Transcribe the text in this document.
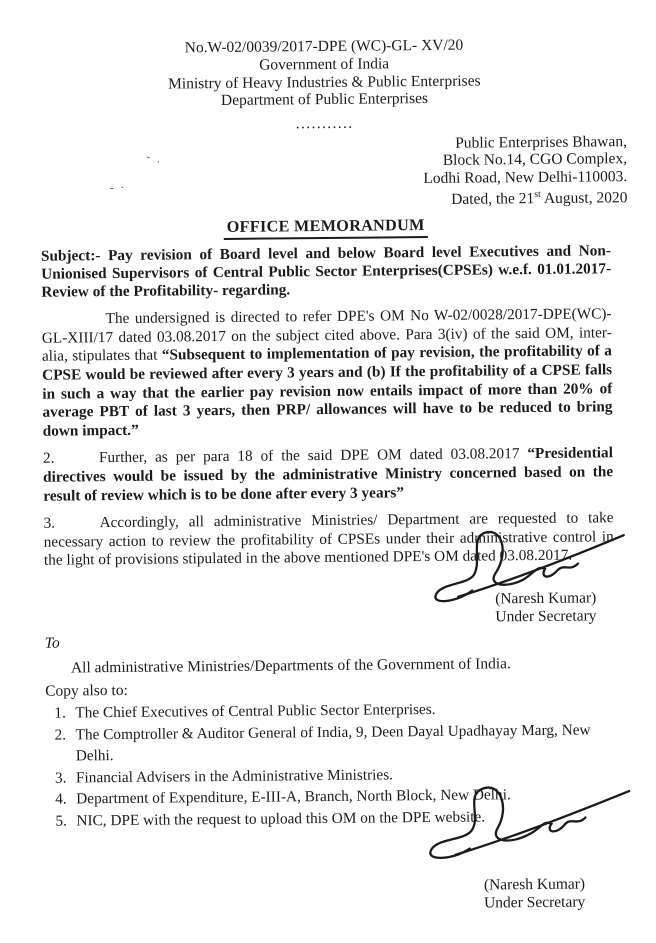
No.W-02/0039/2017-DPE (WC)-GL- XV/20
Government of India
Ministry of Heavy Industries & Public Enterprises
Department of Public Enterprises
...........
Public Enterprises Bhawan,
Block No.14, CGO Complex,
Lodhi Road, New Delhi-110003.
Dated, the 21st August, 2020
OFFICE MEMORANDUM
Subject:- Pay revision of Board level and below Board level Executives and Non-Unionised Supervisors of Central Public Sector Enterprises(CPSEs) w.e.f. 01.01.2017- Review of the Profitability- regarding.
The undersigned is directed to refer DPE's OM No W-02/0028/2017-DPE(WC)- GL-XIII/17 dated 03.08.2017 on the subject cited above. Para 3(iv) of the said OM, inter-alia, stipulates that “Subsequent to implementation of pay revision, the profitability of a CPSE would be reviewed after every 3 years and (b) If the profitability of a CPSE falls in such a way that the earlier pay revision now entails impact of more than 20% of average PBT of last 3 years, then PRP/ allowances will have to be reduced to bring down impact.”
2.	Further, as per para 18 of the said DPE OM dated 03.08.2017 “Presidential directives would be issued by the administrative Ministry concerned based on the result of review which is to be done after every 3 years”
3.	Accordingly, all administrative Ministries/ Department are requested to take necessary action to review the profitability of CPSEs under their administrative control in the light of provisions stipulated in the above mentioned DPE's OM dated 03.08.2017.
(Naresh Kumar)
Under Secretary
To
All administrative Ministries/Departments of the Government of India.
Copy also to:
1. The Chief Executives of Central Public Sector Enterprises.
2. The Comptroller & Auditor General of India, 9, Deen Dayal Upadhayay Marg, New Delhi.
3. Financial Advisers in the Administrative Ministries.
4. Department of Expenditure, E-III-A, Branch, North Block, New Delhi.
5. NIC, DPE with the request to upload this OM on the DPE website.
(Naresh Kumar)
Under Secretary
˜ ·
- ·
